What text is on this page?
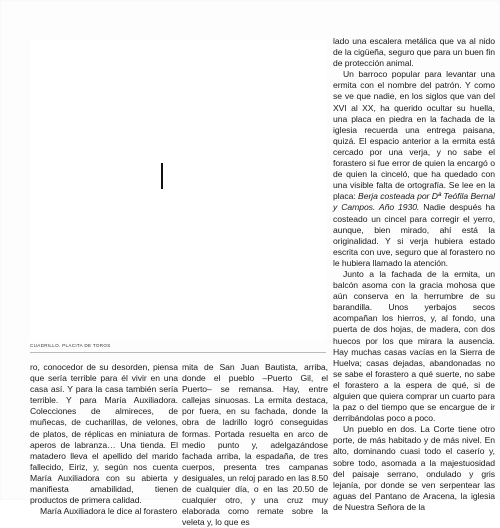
CUADRILLO. PLACITA DE TOROS

lado una escalera metálica que va al nido de la cigüeña, seguro que para un buen fin de protección animal.

Un barroco popular para levantar una ermita con el nombre del patrón. Y como se ve que nadie, en los siglos que van del XVI al XX, ha querido ocultar su huella, una placa en piedra en la fachada de la iglesia recuerda una entrega paisana, quizá. El espacio anterior a la ermita está cercado por una verja, y no sabe el forastero si fue error de quien la encargó o de quien la cinceló, que ha quedado con una visible falta de ortografía. Se lee en la placa: Berja costeada por Dª Teófila Bernal y Campos. Año 1930. Nadie después ha costeado un cincel para corregir el yerro, aunque, bien mirado, ahí está la originalidad. Y si verja hubiera estado escrita con uve, seguro que al forastero no le hubiera llamado la atención.

Junto a la fachada de la ermita, un balcón asoma con la gracia mohosa que aún conserva en la herrumbre de su barandilla. Unos yerbajos secos acompañan los hierros, y, al fondo, una puerta de dos hojas, de madera, con dos huecos por los que mirara la ausencia. Hay muchas casas vacías en la Sierra de Huelva; casas dejadas, abandonadas no se sabe el forastero a qué suerte, no sabe el forastero a la espera de qué, si de alguien que quiera comprar un cuarto para la paz o del tiempo que se encargue de ir derribándolas poco a poco.

Un pueblo en dos. La Corte tiene otro porte, de más habitado y de más nivel. En alto, dominando cuasi todo el caserío y, sobre todo, asomada a la majestuosidad del paisaje serrano, ondulado y gris lejanía, por donde se ven serpentear las aguas del Pantano de Aracena, la iglesia de Nuestra Señora de la

ro, conocedor de su desorden, piensa que sería terrible para él vivir en una casa así. Y para la casa también sería terrible. Y para María Auxiliadora. Colecciones de almireces, de muñecas, de cucharillas, de velones, de platos, de réplicas en miniatura de aperos de labranza… Una tienda. El matadero lleva el apellido del marido fallecido, Eiriz, y, según nos cuenta María Auxiliadora con su abierta y manifiesta amabilidad, tienen productos de primera calidad.

María Auxiliadora le dice al forastero

mita de San Juan Bautista, arriba, donde el pueblo –Puerto Gil, el Puerto– se remansa. Hay, entre callejas sinuosas. La ermita destaca, por fuera, en su fachada, donde la obra de ladrillo logró conseguidas formas. Portada resuelta en arco de medio punto y, adelgazándose fachada arriba, la espadaña, de tres cuerpos, presenta tres campanas desiguales, un reloj parado en las 8.50 de cualquier día, o en las 20.50 de cualquier otro, y una cruz muy elaborada como remate sobre la veleta y, lo que es
